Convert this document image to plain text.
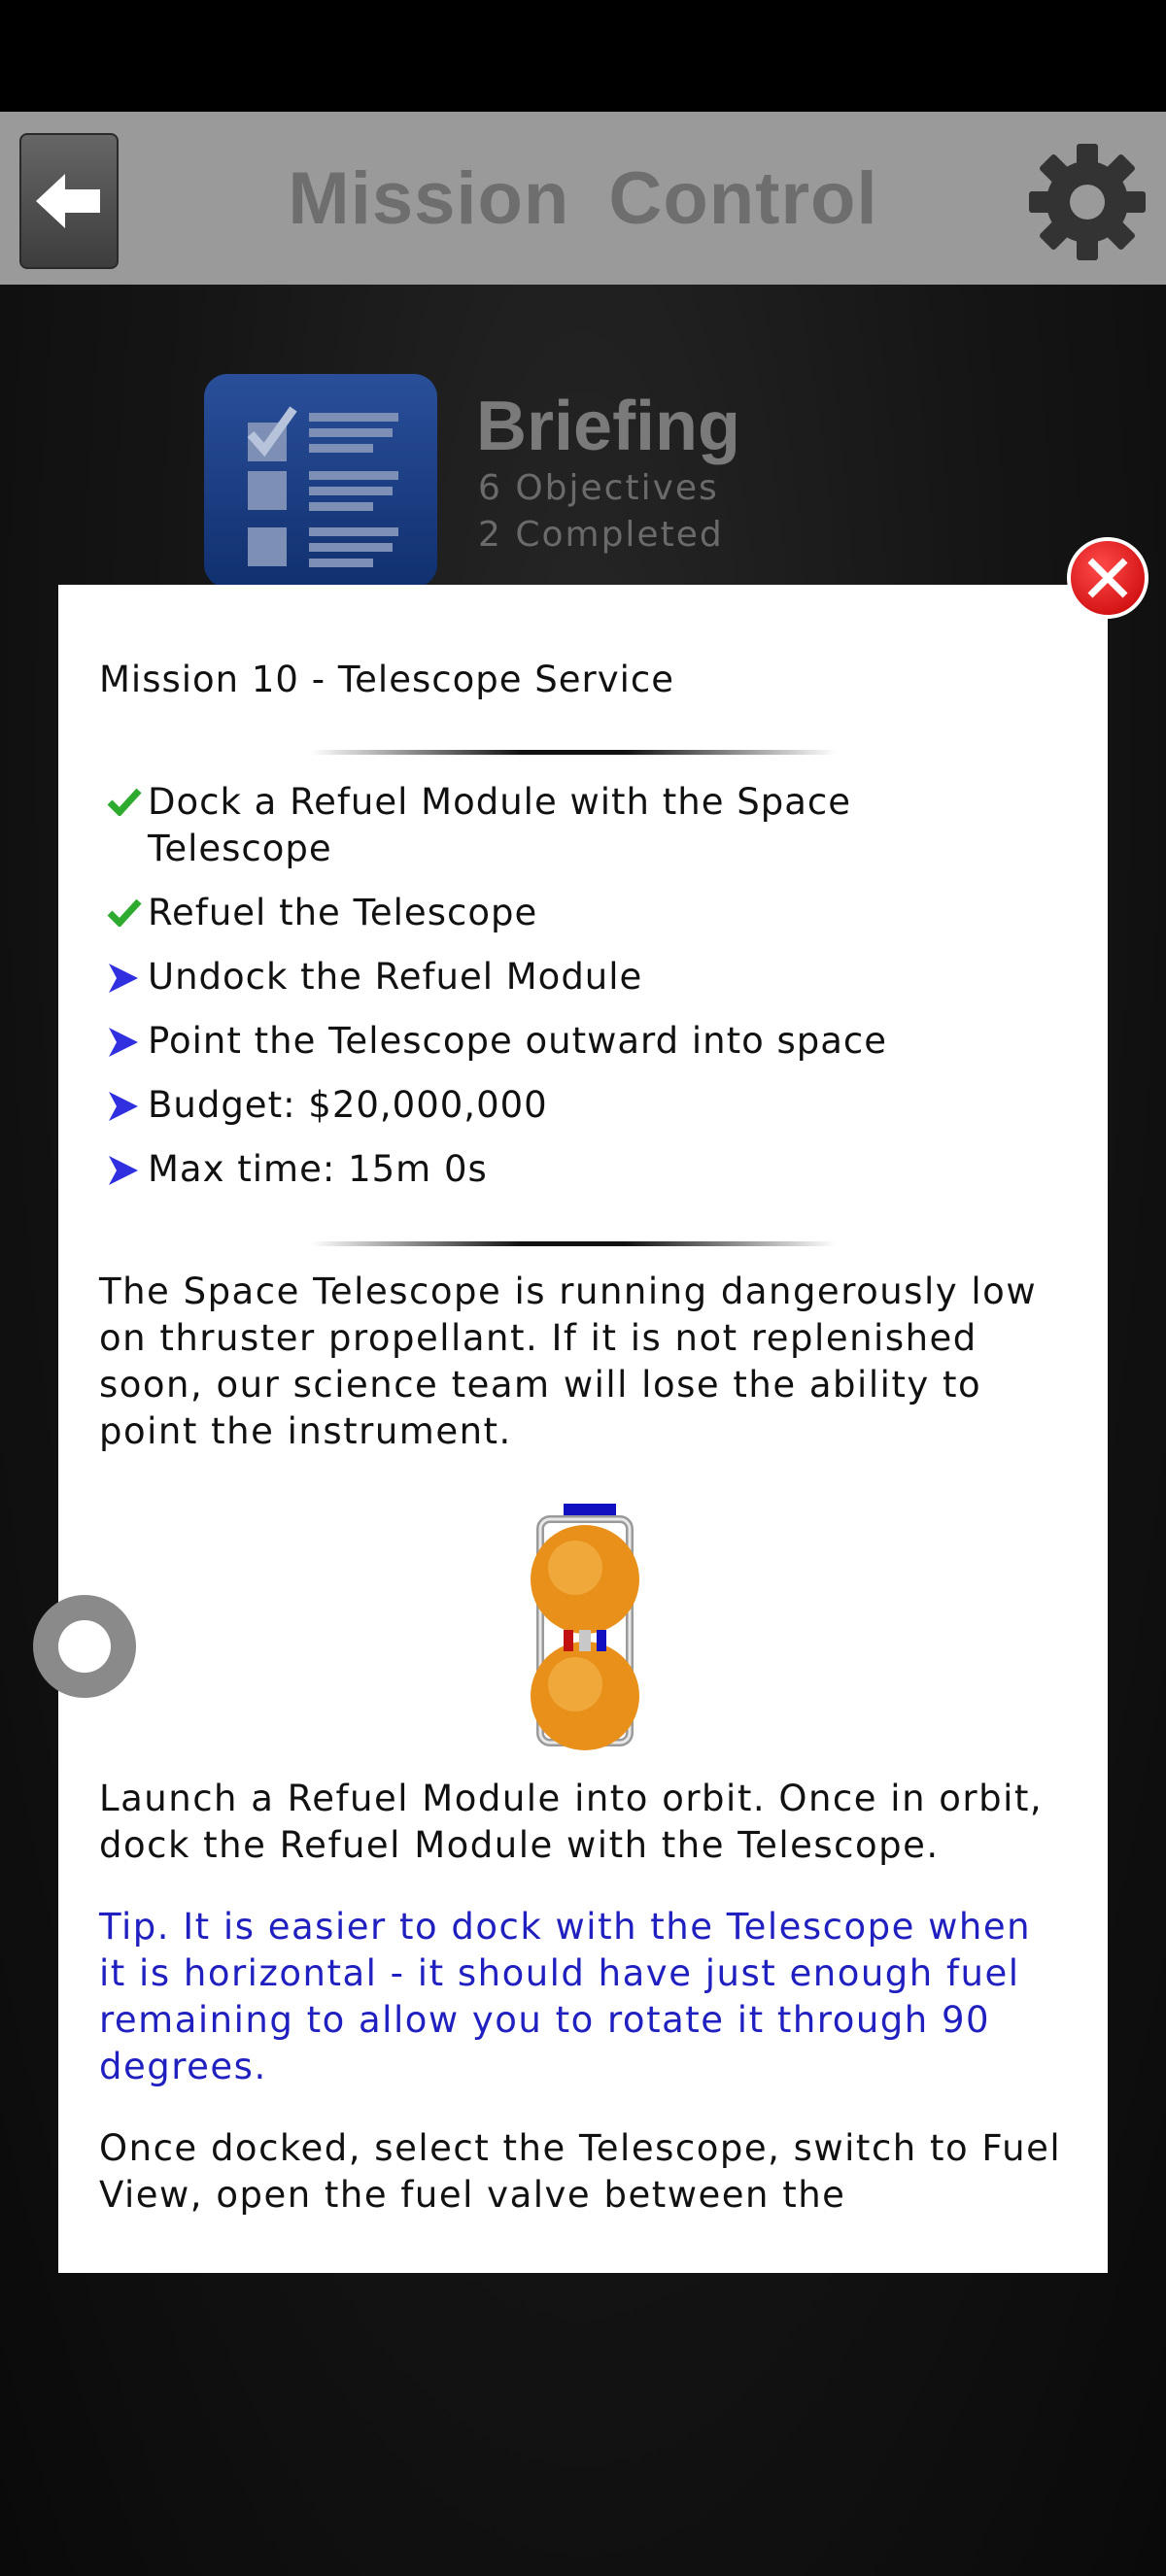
Mission Control
Briefing
6 Objectives
2 Completed
Mission 10 - Telescope Service
Dock a Refuel Module with the Space Telescope
Refuel the Telescope
Undock the Refuel Module
Point the Telescope outward into space
Budget: $20,000,000
Max time: 15m 0s
The Space Telescope is running dangerously low on thruster propellant. If it is not replenished soon, our science team will lose the ability to point the instrument.
Launch a Refuel Module into orbit. Once in orbit, dock the Refuel Module with the Telescope.
Tip. It is easier to dock with the Telescope when it is horizontal - it should have just enough fuel remaining to allow you to rotate it through 90 degrees.
Once docked, select the Telescope, switch to Fuel View, open the fuel valve between the
